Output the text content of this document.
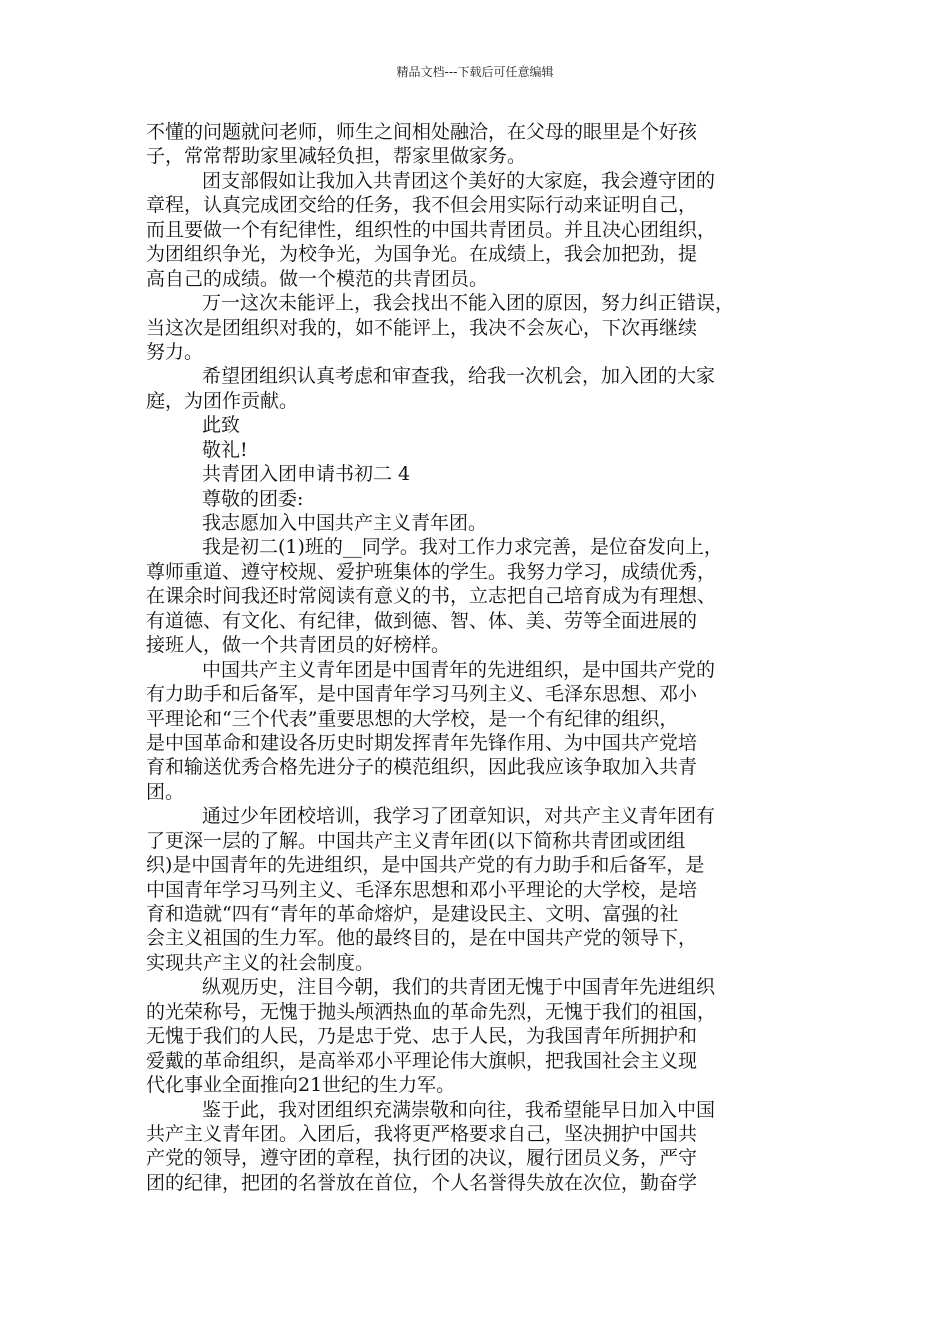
精品文档---下载后可任意编辑
不懂的问题就问老师，师生之间相处融洽，在父母的眼里是个好孩
子，常常帮助家里减轻负担，帮家里做家务。
团支部假如让我加入共青团这个美好的大家庭，我会遵守团的
章程，认真完成团交给的任务，我不但会用实际行动来证明自己，
而且要做一个有纪律性，组织性的中国共青团员。并且决心团组织，
为团组织争光，为校争光，为国争光。在成绩上，我会加把劲，提
高自己的成绩。做一个模范的共青团员。
万一这次未能评上，我会找出不能入团的原因，努力纠正错误，
当这次是团组织对我的，如不能评上，我决不会灰心，下次再继续
努力。
希望团组织认真考虑和审查我，给我一次机会，加入团的大家
庭，为团作贡献。
此致
敬礼!
共青团入团申请书初二 4
尊敬的团委:
我志愿加入中国共产主义青年团。
我是初二(1)班的__同学。我对工作力求完善，是位奋发向上，
尊师重道、遵守校规、爱护班集体的学生。我努力学习，成绩优秀，
在课余时间我还时常阅读有意义的书，立志把自己培育成为有理想、
有道德、有文化、有纪律，做到德、智、体、美、劳等全面进展的
接班人，做一个共青团员的好榜样。
中国共产主义青年团是中国青年的先进组织，是中国共产党的
有力助手和后备军，是中国青年学习马列主义、毛泽东思想、邓小
平理论和“三个代表”重要思想的大学校，是一个有纪律的组织，
是中国革命和建设各历史时期发挥青年先锋作用、为中国共产党培
育和输送优秀合格先进分子的模范组织，因此我应该争取加入共青
团。
通过少年团校培训，我学习了团章知识，对共产主义青年团有
了更深一层的了解。中国共产主义青年团(以下简称共青团或团组
织)是中国青年的先进组织，是中国共产党的有力助手和后备军，是
中国青年学习马列主义、毛泽东思想和邓小平理论的大学校，是培
育和造就“四有“青年的革命熔炉，是建设民主、文明、富强的社
会主义祖国的生力军。他的最终目的，是在中国共产党的领导下，
实现共产主义的社会制度。
纵观历史，注目今朝，我们的共青团无愧于中国青年先进组织
的光荣称号，无愧于抛头颅洒热血的革命先烈，无愧于我们的祖国，
无愧于我们的人民，乃是忠于党、忠于人民，为我国青年所拥护和
爱戴的革命组织，是高举邓小平理论伟大旗帜，把我国社会主义现
代化事业全面推向21世纪的生力军。
鉴于此，我对团组织充满崇敬和向往，我希望能早日加入中国
共产主义青年团。入团后，我将更严格要求自己，坚决拥护中国共
产党的领导，遵守团的章程，执行团的决议，履行团员义务，严守
团的纪律，把团的名誉放在首位，个人名誉得失放在次位，勤奋学
